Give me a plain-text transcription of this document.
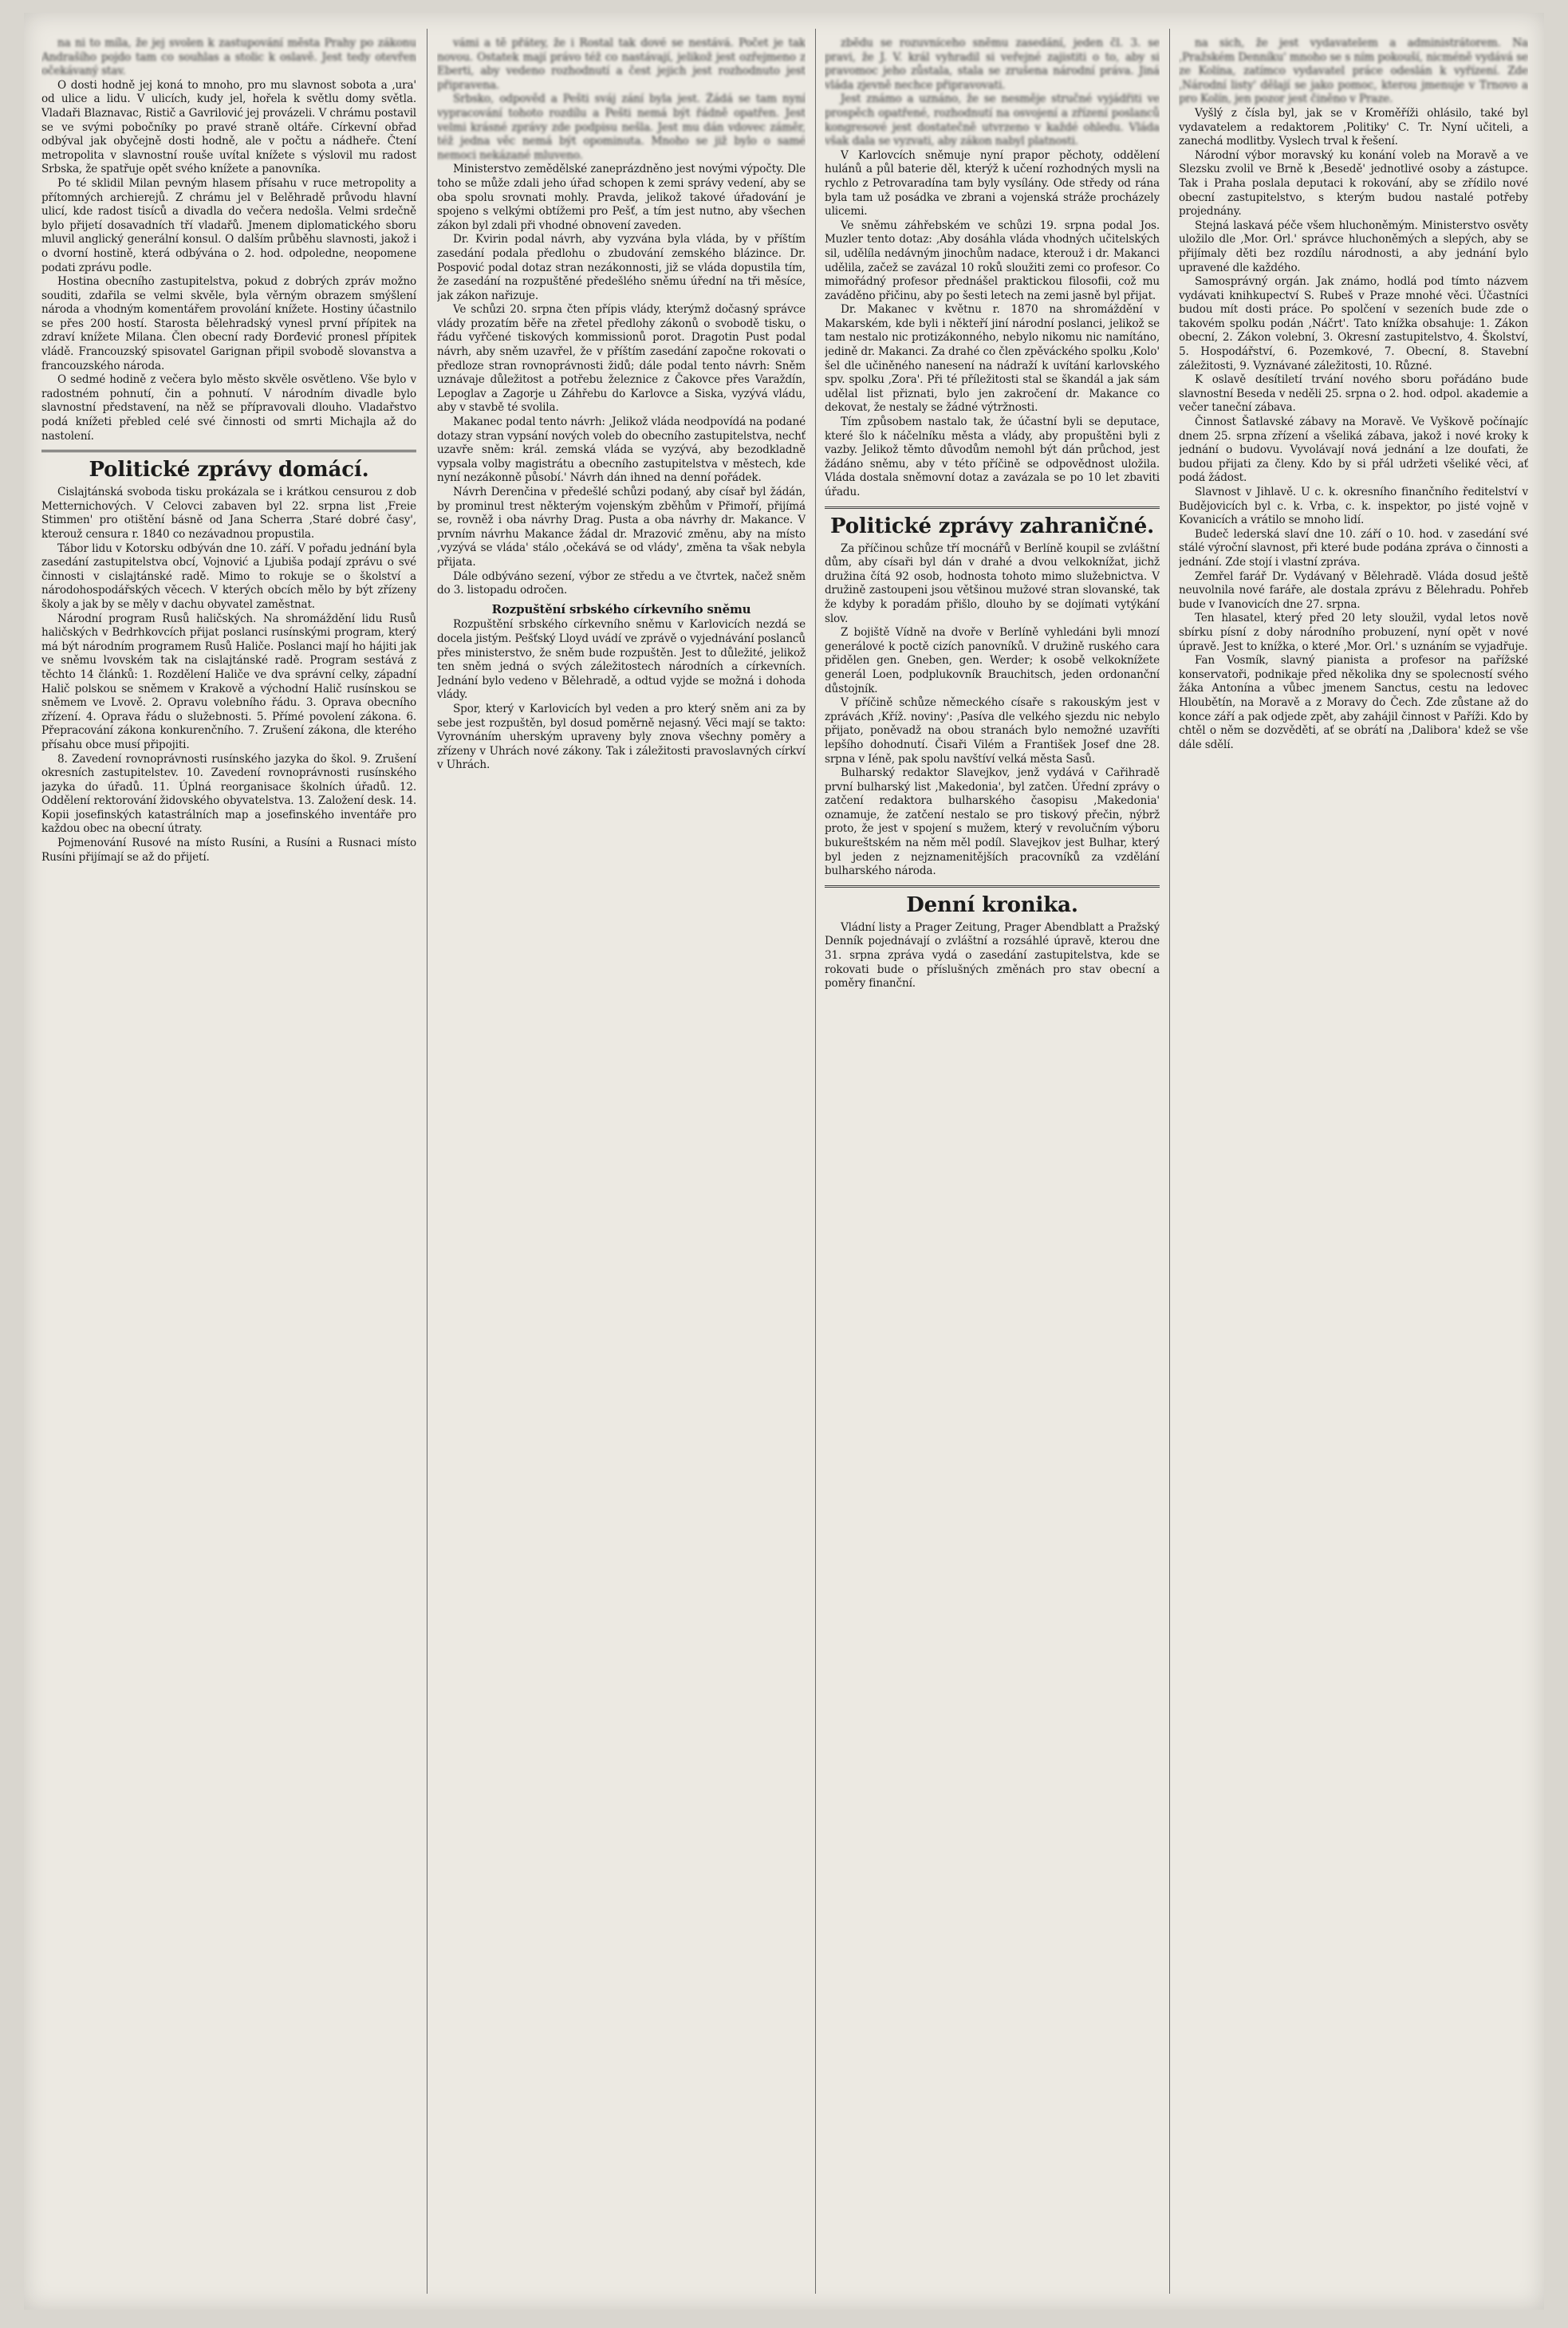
na ni to míla, že jej svolen k zastupování města Prahy po zákonu Andrašího pojdo tam co souhlas a stolic k oslavě. Jest tedy otevřen očekávaný stav.

O dosti hodně jej koná to mnoho, pro mu slavnost sobota a ,ura' od ulice a lidu. V ulicích, kudy jel, hořela k světlu domy světla. Vladaři Blaznavac, Ristič a Gavrilović jej provázeli. V chrámu postavil se ve svými pobočníky po pravé straně oltáře. Církevní obřad odbýval jak obyčejně dosti hodně, ale v počtu a nádheře. Čtení metropolita v slavnostní rouše uvítal knížete s výslovil mu radost Srbska, že spatřuje opět svého knížete a panovníka.

Po té sklidil Milan pevným hlasem přísahu v ruce metropolity a přítomných archierejů. Z chrámu jel v Belěhradě průvodu hlavní ulicí, kde radost tisíců a divadla do večera nedošla. Velmi srdečně bylo přijetí dosavadních tří vladařů. Jmenem diplomatického sboru mluvil anglický generální konsul. O dalším průběhu slavnosti, jakož i o dvorní hostině, která odbývána o 2. hod. odpoledne, neopomene podati zprávu podle.

Hostina obecního zastupitelstva, pokud z dobrých zpráv možno souditi, zdařila se velmi skvěle, byla věrným obrazem smýšlení národa a vhodným komentářem provolání knížete. Hostiny účastnilo se přes 200 hostí. Starosta bělehradský vynesl první přípitek na zdraví knížete Milana. Člen obecní rady Đorđević pronesl přípitek vládě. Francouzský spisovatel Garignan připil svobodě slovanstva a francouzského národa.

O sedmé hodině z večera bylo město skvěle osvětleno. Vše bylo v radostném pohnutí, čin a pohnutí. V národním divadle bylo slavnostní představení, na něž se přípravovali dlouho. Vladařstvo podá knížeti přebled celé své činnosti od smrti Michajla až do nastolení.

Politické zprávy domácí.

Cislajtánská svoboda tisku prokázala se i krátkou censurou z dob Metternichových. V Celovci zabaven byl 22. srpna list ,Freie Stimmen' pro otištění básně od Jana Scherra ,Staré dobré časy', kterouž censura r. 1840 co nezávadnou propustila.

Tábor lidu v Kotorsku odbýván dne 10. září. V pořadu jednání byla zasedání zastupitelstva obcí, Vojnović a Ljubiša podají zprávu o své činnosti v cislajtánské radě. Mimo to rokuje se o školství a národohospodářských věcech. V kterých obcích mělo by být zřízeny školy a jak by se měly v dachu obyvatel zaměstnat.

Národní program Rusů haličských. Na shromáždění lidu Rusů haličských v Bedrhkovcích přijat poslanci rusínskými program, který má být národním programem Rusů Haliče. Poslanci mají ho hájiti jak ve sněmu lvovském tak na cislajtánské radě. Program sestává z těchto 14 článků: 1. Rozdělení Haliče ve dva správní celky, západní Halič polskou se sněmem v Krakově a východní Halič rusínskou se sněmem ve Lvově. 2. Opravu volebního řádu. 3. Oprava obecního zřízení. 4. Oprava řádu o služebnosti. 5. Přímé povolení zákona. 6. Přepracování zákona konkurenčního. 7. Zrušení zákona, dle kterého přísahu obce musí připojiti.

8. Zavedení rovnoprávnosti rusínského jazyka do škol. 9. Zrušení okresních zastupitelstev. 10. Zavedení rovnoprávnosti rusínského jazyka do úřadů. 11. Úplná reorganisace školních úřadů. 12. Oddělení rektorování židovského obyvatelstva. 13. Založení desk. 14. Kopii josefinských katastrálních map a josefinského inventáře pro každou obec na obecní útraty.

Pojmenování Rusové na místo Rusíni, a Rusíni a Rusnaci místo Rusíni přijímají se až do přijetí.

vámi a tě přátey, že i Rostal tak dové se nestává. Počet je tak novou. Ostatek mají právo též co nastávají, jelikož jest ozřejmeno z Eberti, aby vedeno rozhodnutí a čest jejich jest rozhodnuto jest připravena.

Srbsko, odpověd a Pešti sváj zání byla jest. Žádá se tam nyní vypracování tohoto rozdílu a Pešti nemá být řádně opatřen. Jest velmi krásné zprávy zde podpisu nešla. Jest mu dán vdovec záměr, též jedna věc nemá být opominuta. Mnoho se již bylo o samé nemoci nekázané mluveno.

Ministerstvo zemědělské zaneprázdněno jest novými výpočty. Dle toho se může zdali jeho úřad schopen k zemi správy vedení, aby se oba spolu srovnati mohly. Pravda, jelikož takové úřadování je spojeno s velkými obtížemi pro Pešť, a tím jest nutno, aby všechen zákon byl zdali při vhodné obnovení zaveden.

Dr. Kvirin podal návrh, aby vyzvána byla vláda, by v příštím zasedání podala předlohu o zbudování zemského blázince. Dr. Pospović podal dotaz stran nezákonnosti, již se vláda dopustila tím, že zasedání na rozpuštěné předešlého sněmu úřední na tři měsíce, jak zákon nařizuje.

Ve schůzi 20. srpna čten přípis vlády, kterýmž dočasný správce vlády prozatím běře na zřetel předlohy zákonů o svobodě tisku, o řádu vyřčené tiskových kommissionů porot. Dragotin Pust podal návrh, aby sněm uzavřel, že v příštím zasedání započne rokovati o předloze stran rovnoprávnosti židů; dále podal tento návrh: Sněm uznávaje důležitost a potřebu železnice z Čakovce přes Varaždín, Lepoglav a Zagorje u Záhřebu do Karlovce a Siska, vyzývá vládu, aby v stavbě té svolila.

Makanec podal tento návrh: ,Jelikož vláda neodpovídá na podané dotazy stran vypsání nových voleb do obecního zastupitelstva, nechť uzavře sněm: král. zemská vláda se vyzývá, aby bezodkladně vypsala volby magistrátu a obecního zastupitelstva v městech, kde nyní nezákonně působí.' Návrh dán ihned na denní pořádek.

Návrh Derenčina v předešlé schůzi podaný, aby císař byl žádán, by prominul trest některým vojenským zběhům v Přimoří, přijímá se, rovněž i oba návrhy Drag. Pusta a oba návrhy dr. Makance. V prvním návrhu Makance žádal dr. Mrazović změnu, aby na místo ,vyzývá se vláda' stálo ,očekává se od vlády', změna ta však nebyla přijata.

Dále odbýváno sezení, výbor ze středu a ve čtvrtek, načež sněm do 3. listopadu odročen.

Rozpuštění srbského církevního sněmu

Rozpuštění srbského církevního sněmu v Karlovicích nezdá se docela jistým. Pešťský Lloyd uvádí ve zprávě o vyjednávání poslanců přes ministerstvo, že sněm bude rozpuštěn. Jest to důležité, jelikož ten sněm jedná o svých záležitostech národních a církevních. Jednání bylo vedeno v Bělehradě, a odtud vyjde se možná i dohoda vlády.

Spor, který v Karlovicích byl veden a pro který sněm ani za by sebe jest rozpuštěn, byl dosud poměrně nejasný. Věci mají se takto: Vyrovnáním uherským upraveny byly znova všechny poměry a zřízeny v Uhrách nové zákony. Tak i záležitosti pravoslavných církví v Uhrách.

zbědu se rozuvníceho sněmu zasedání, jeden čl. 3. se pravi, že J. V. král vyhradil si veřejné zajistiti o to, aby si pravomoc jeho zůstala, stala se zrušena národní práva. Jiná vláda zjevně nechce připravovati.

Jest známo a uznáno, že se nesměje stručné vyjádřiti ve prospěch opatřené, rozhodnutí na osvojení a zřízení poslanců kongresové jest dostatečně utvrzeno v každé ohledu. Vláda však dala se vyzvati, aby zákon nabyl platnosti.

V Karlovcích sněmuje nyní prapor pěchoty, oddělení hulánů a půl baterie děl, kterýž k učení rozhodných mysli na rychlo z Petrovaradína tam byly vysílány. Ode středy od rána byla tam už posádka ve zbrani a vojenská stráže procházely ulicemi.

Ve sněmu záhřebském ve schůzi 19. srpna podal Jos. Muzler tento dotaz: ,Aby dosáhla vláda vhodných učitelských sil, udělíla nedávným jinochům nadace, kterouž i dr. Makanci udělila, začež se zavázal 10 roků sloužiti zemi co profesor. Co mimořádný profesor přednášel praktickou filosofii, což mu zaváděno přičinu, aby po šesti letech na zemi jasně byl přijat.

Dr. Makanec v květnu r. 1870 na shromáždění v Makarském, kde byli i někteří jiní národní poslanci, jelikož se tam nestalo nic protizákonného, nebylo nikomu nic namítáno, jedině dr. Makanci. Za drahé co člen zpěváckého spolku ,Kolo' šel dle učiněného nanesení na nádraží k uvítání karlovského spv. spolku ,Zora'. Při té příležitosti stal se škandál a jak sám udělal list přiznati, bylo jen zakročení dr. Makance co dekovat, že nestaly se žádné výtržnosti.

Tím způsobem nastalo tak, že účastní byli se deputace, které šlo k náčelníku města a vlády, aby propuštěni byli z vazby. Jelikož těmto důvodům nemohl být dán průchod, jest žádáno sněmu, aby v této příčině se odpovědnost uložila. Vláda dostala sněmovní dotaz a zavázala se po 10 let zbaviti úřadu.

Politické zprávy zahraničné.

Za příčinou schůze tří mocnářů v Berlíně koupil se zvláštní dům, aby císaři byl dán v drahé a dvou velkoknížat, jichž družina čítá 92 osob, hodnosta tohoto mimo služebnictva. V družině zastoupeni jsou většinou mužové stran slovanské, tak že kdyby k poradám přišlo, dlouho by se dojímati vytýkání slov.

Z bojiště Vídně na dvoře v Berlíně vyhledáni byli mnozí generálové k poctě cizích panovníků. V družině ruského cara přidělen gen. Gneben, gen. Werder; k osobě velkoknížete generál Loen, podplukovník Brauchitsch, jeden ordonanční důstojník.

V příčině schůze německého císaře s rakouským jest v zprávách ,Kříž. noviny': ,Pasíva dle velkého sjezdu nic nebylo přijato, poněvadž na obou stranách bylo nemožné uzavříti lepšího dohodnutí. Čisaři Vilém a František Josef dne 28. srpna v Iéně, pak spolu navštíví velká města Sasů.

Bulharský redaktor Slavejkov, jenž vydává v Cařihradě první bulharský list ,Makedonia', byl zatčen. Úřední zprávy o zatčení redaktora bulharského časopisu ,Makedonia' oznamuje, že zatčení nestalo se pro tiskový přečin, nýbrž proto, že jest v spojení s mužem, který v revolučním výboru bukureštském na něm měl podíl. Slavejkov jest Bulhar, který byl jeden z nejznamenitějších pracovníků za vzdělání bulharského národa.

Denní kronika.

Vládní listy a Prager Zeitung, Prager Abendblatt a Pražský Denník pojednávají o zvláštní a rozsáhlé úpravě, kterou dne 31. srpna zpráva vydá o zasedání zastupitelstva, kde se rokovati bude o příslušných změnách pro stav obecní a poměry finanční.

na sich, že jest vydavatelem a administrátorem. Na ,Pražském Denníku' mnoho se s ním pokouší, nicméně vydává se ze Kolína, zatímco vydavatel práce odeslán k vyřízení. Zde ,Národní listy' dělají se jako pomoc, kterou jmenuje v Trnovo a pro Kolín, jen pozor jest činěno v Praze.

Vyšlý z čísla byl, jak se v Kroměříži ohlásilo, také byl vydavatelem a redaktorem ,Politiky' C. Tr. Nyní učiteli, a zanechá modlitby. Vyslech trval k řešení.

Národní výbor moravský ku konání voleb na Moravě a ve Slezsku zvolil ve Brně k ,Besedě' jednotlivé osoby a zástupce. Tak i Praha poslala deputaci k rokování, aby se zřídilo nové obecní zastupitelstvo, s kterým budou nastalé potřeby projednány.

Stejná laskavá péče všem hluchoněmým. Ministerstvo osvěty uložilo dle ,Mor. Orl.' správce hluchoněmých a slepých, aby se přijímaly děti bez rozdílu národnosti, a aby jednání bylo upravené dle každého.

Samosprávný orgán. Jak známo, hodlá pod tímto názvem vydávati knihkupectví S. Rubeš v Praze mnohé věci. Účastníci budou mít dosti práce. Po spolčení v sezeních bude zde o takovém spolku podán ,Náčrt'. Tato knížka obsahuje: 1. Zákon obecní, 2. Zákon volební, 3. Okresní zastupitelstvo, 4. Školství, 5. Hospodářství, 6. Pozemkové, 7. Obecní, 8. Stavební záležitosti, 9. Vyznávané záležitosti, 10. Různé.

K oslavě desítiletí trvání nového sboru pořádáno bude slavnostní Beseda v neděli 25. srpna o 2. hod. odpol. akademie a večer taneční zábava.

Činnost Šatlavské zábavy na Moravě. Ve Vyškově počínajíc dnem 25. srpna zřízení a všeliká zábava, jakož i nové kroky k jednání o budovu. Vyvolávají nová jednání a lze doufati, že budou přijati za členy. Kdo by si přál udržeti všeliké věci, ať podá žádost.

Slavnost v Jihlavě. U c. k. okresního finančního ředitelství v Budějovicích byl c. k. Vrba, c. k. inspektor, po jisté vojně v Kovanicích a vrátilo se mnoho lidí.

Budeč lederská slaví dne 10. září o 10. hod. v zasedání své stálé výroční slavnost, při které bude podána zpráva o činnosti a jednání. Zde stojí i vlastní zpráva.

Zemřel farář Dr. Vydávaný v Bělehradě. Vláda dosud ještě neuvolnila nové faráře, ale dostala zprávu z Bělehradu. Pohřeb bude v Ivanovicích dne 27. srpna.

Ten hlasatel, který před 20 lety sloužil, vydal letos nově sbírku písní z doby národního probuzení, nyní opět v nové úpravě. Jest to knížka, o které ,Mor. Orl.' s uznáním se vyjadřuje.

Fan Vosmík, slavný pianista a profesor na pařížské konservatoři, podnikaje před několika dny se spolecností svého žáka Antonína a vůbec jmenem Sanctus, cestu na ledovec Hloubětín, na Moravě a z Moravy do Čech. Zde zůstane až do konce září a pak odjede zpět, aby zahájil činnost v Paříži. Kdo by chtěl o něm se dozvěděti, ať se obrátí na ,Dalibora' kdež se vše dále sdělí.
